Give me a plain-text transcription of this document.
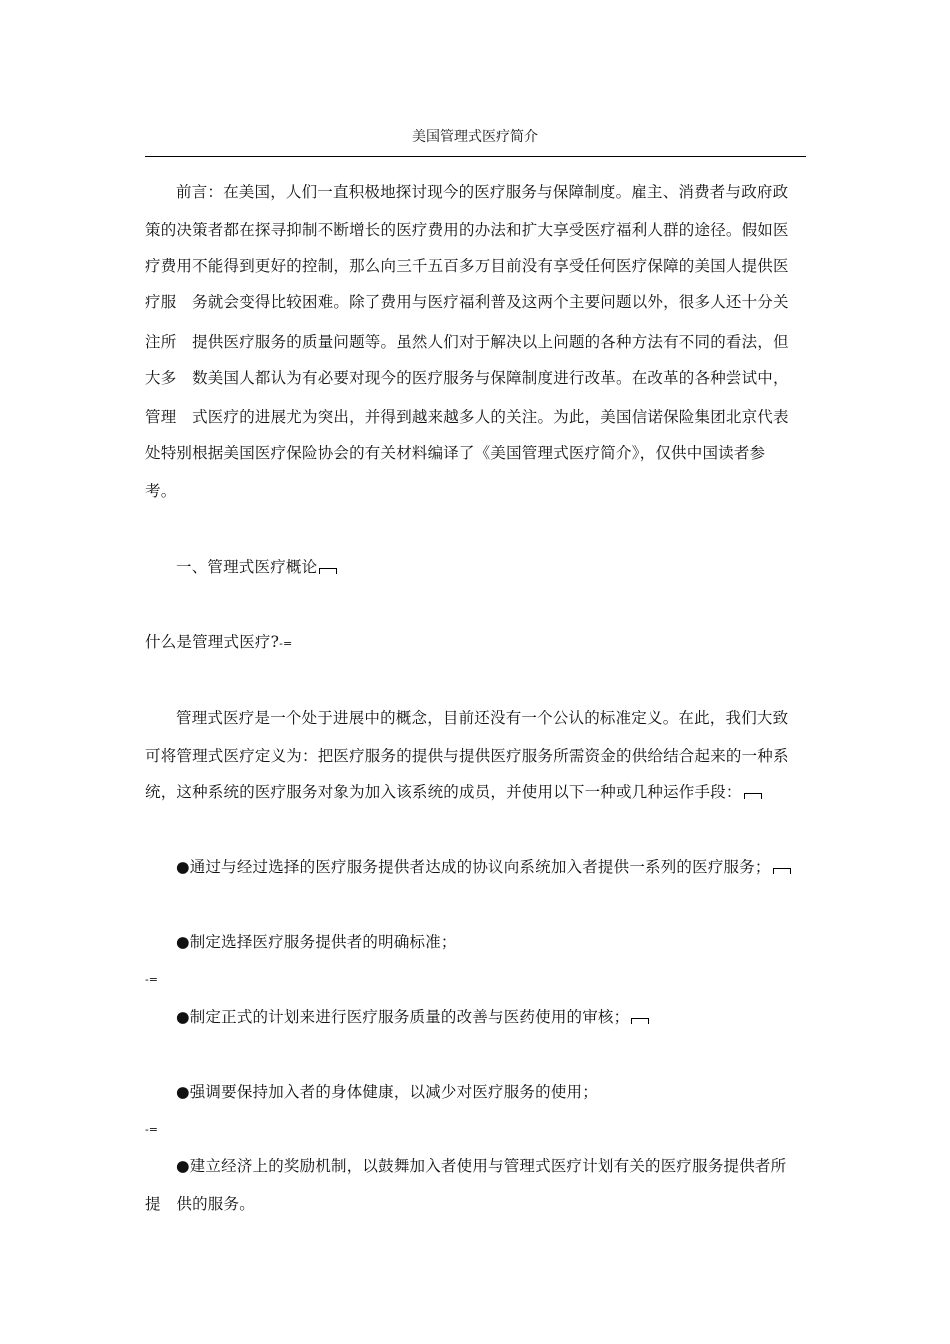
美国管理式医疗简介
前言：在美国，人们一直积极地探讨现今的医疗服务与保障制度。雇主、消费者与政府政
策的决策者都在探寻抑制不断增长的医疗费用的办法和扩大享受医疗福利人群的途径。假如医
疗费用不能得到更好的控制，那么向三千五百多万目前没有享受任何医疗保障的美国人提供医
疗服　务就会变得比较困难。除了费用与医疗福利普及这两个主要问题以外，很多人还十分关
注所　提供医疗服务的质量问题等。虽然人们对于解决以上问题的各种方法有不同的看法，但
大多　数美国人都认为有必要对现今的医疗服务与保障制度进行改革。在改革的各种尝试中，
管理　式医疗的进展尤为突出，并得到越来越多人的关注。为此，美国信诺保险集团北京代表
处特别根据美国医疗保险协会的有关材料编译了《美国管理式医疗简介》，仅供中国读者参
考。
一、管理式医疗概论
什么是管理式医疗?-=
管理式医疗是一个处于进展中的概念，目前还没有一个公认的标准定义。在此，我们大致
可将管理式医疗定义为：把医疗服务的提供与提供医疗服务所需资金的供给结合起来的一种系
统，这种系统的医疗服务对象为加入该系统的成员，并使用以下一种或几种运作手段：
●通过与经过选择的医疗服务提供者达成的协议向系统加入者提供一系列的医疗服务；
●制定选择医疗服务提供者的明确标准；
-=
●制定正式的计划来进行医疗服务质量的改善与医药使用的审核；
●强调要保持加入者的身体健康，以减少对医疗服务的使用；
-=
●建立经济上的奖励机制，以鼓舞加入者使用与管理式医疗计划有关的医疗服务提供者所
提　供的服务。
